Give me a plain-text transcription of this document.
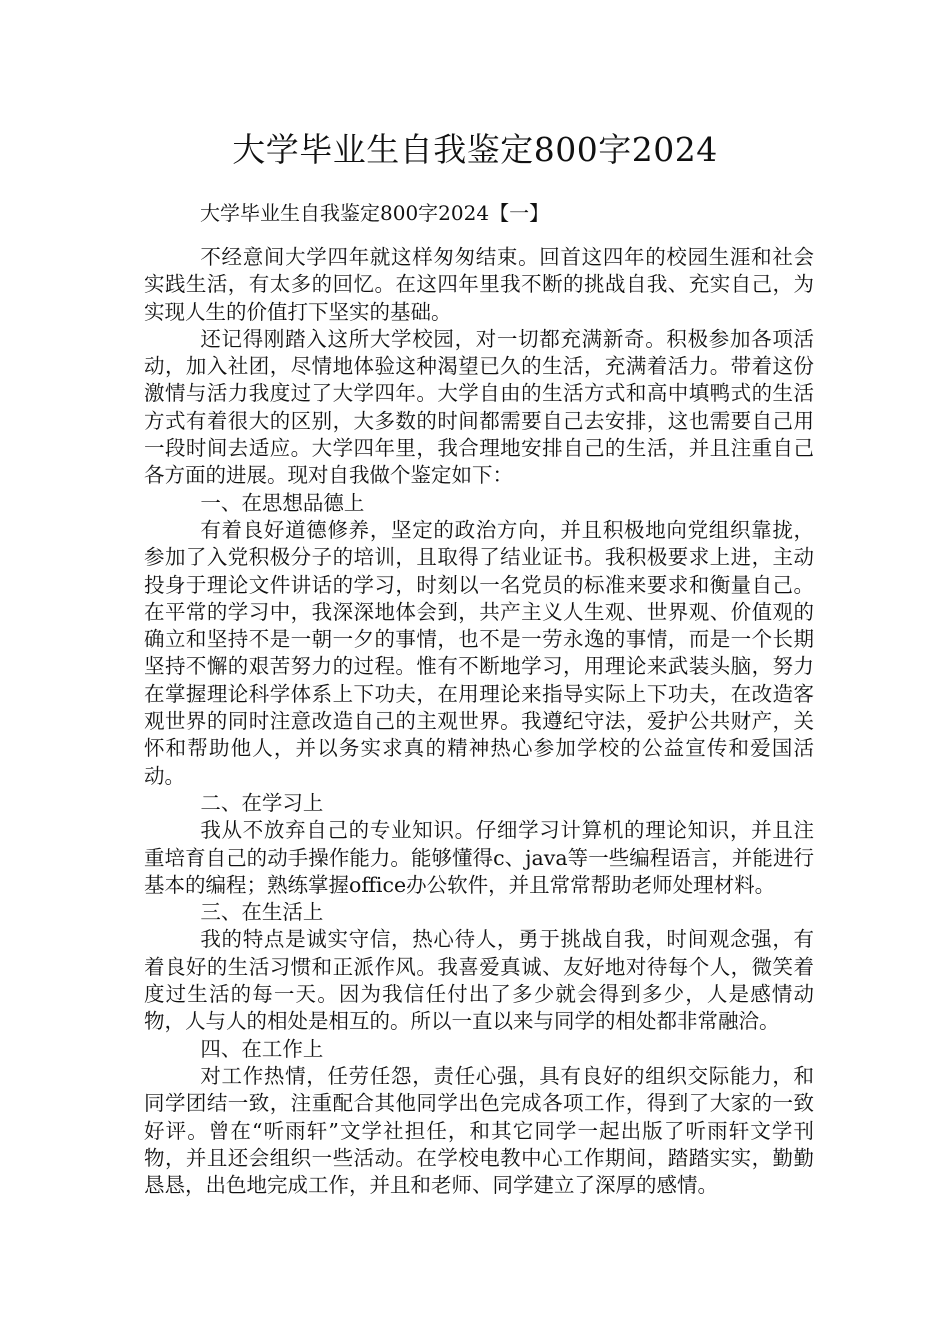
大学毕业生自我鉴定800字2024
大学毕业生自我鉴定800字2024【一】

不经意间大学四年就这样匆匆结束。回首这四年的校园生涯和社会实践生活，有太多的回忆。在这四年里我不断的挑战自我、充实自己，为实现人生的价值打下坚实的基础。

还记得刚踏入这所大学校园，对一切都充满新奇。积极参加各项活动，加入社团，尽情地体验这种渴望已久的生活，充满着活力。带着这份激情与活力我度过了大学四年。大学自由的生活方式和高中填鸭式的生活方式有着很大的区别，大多数的时间都需要自己去安排，这也需要自己用一段时间去适应。大学四年里，我合理地安排自己的生活，并且注重自己各方面的进展。现对自我做个鉴定如下：

一、在思想品德上

有着良好道德修养，坚定的政治方向，并且积极地向党组织靠拢，参加了入党积极分子的培训，且取得了结业证书。我积极要求上进，主动投身于理论文件讲话的学习，时刻以一名党员的标准来要求和衡量自己。在平常的学习中，我深深地体会到，共产主义人生观、世界观、价值观的确立和坚持不是一朝一夕的事情，也不是一劳永逸的事情，而是一个长期坚持不懈的艰苦努力的过程。惟有不断地学习，用理论来武装头脑，努力在掌握理论科学体系上下功夫，在用理论来指导实际上下功夫，在改造客观世界的同时注意改造自己的主观世界。我遵纪守法，爱护公共财产，关怀和帮助他人，并以务实求真的精神热心参加学校的公益宣传和爱国活动。

二、在学习上

我从不放弃自己的专业知识。仔细学习计算机的理论知识，并且注重培育自己的动手操作能力。能够懂得c、java等一些编程语言，并能进行基本的编程；熟练掌握office办公软件，并且常常帮助老师处理材料。

三、在生活上

我的特点是诚实守信，热心待人，勇于挑战自我，时间观念强，有着良好的生活习惯和正派作风。我喜爱真诚、友好地对待每个人，微笑着度过生活的每一天。因为我信任付出了多少就会得到多少，人是感情动物，人与人的相处是相互的。所以一直以来与同学的相处都非常融洽。

四、在工作上

对工作热情，任劳任怨，责任心强，具有良好的组织交际能力，和同学团结一致，注重配合其他同学出色完成各项工作，得到了大家的一致好评。曾在“听雨轩”文学社担任，和其它同学一起出版了听雨轩文学刊物，并且还会组织一些活动。在学校电教中心工作期间，踏踏实实，勤勤恳恳，出色地完成工作，并且和老师、同学建立了深厚的感情。
